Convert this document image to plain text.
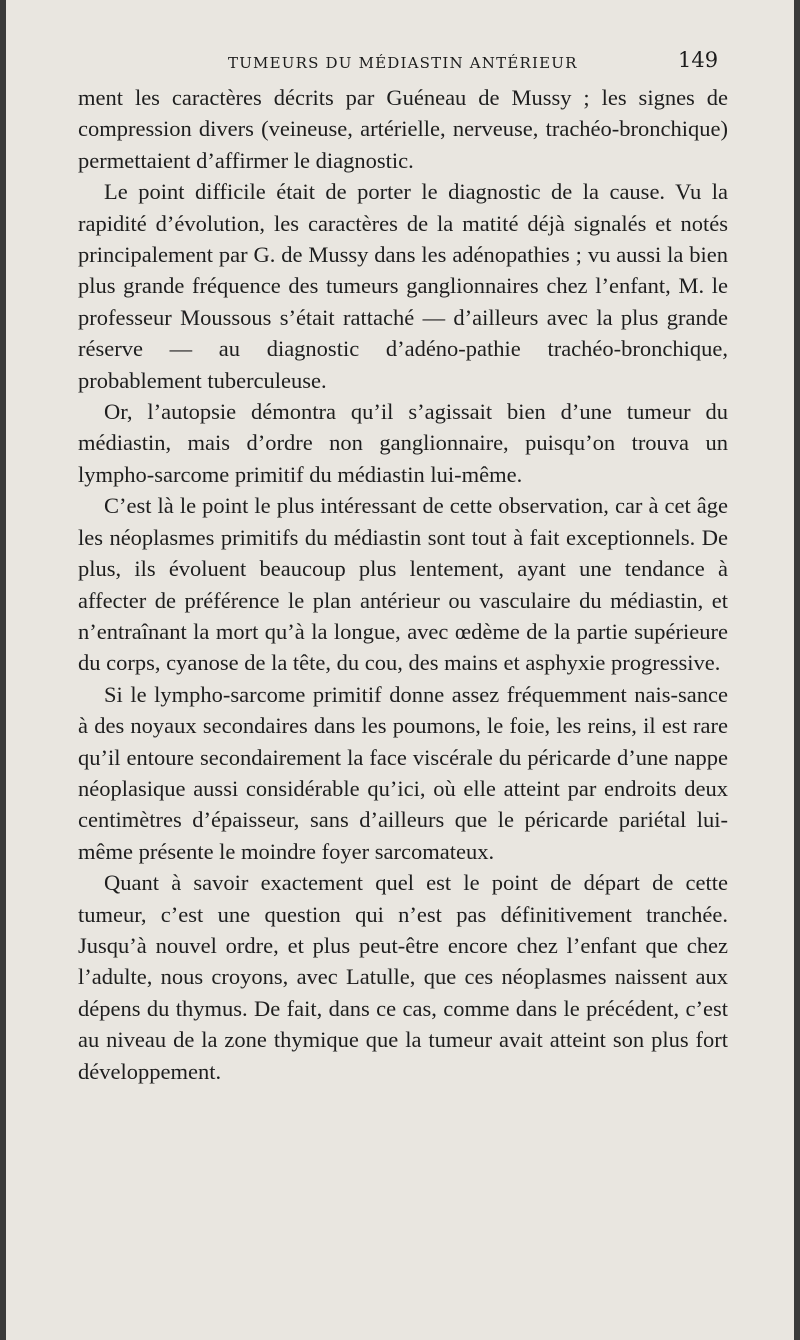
TUMEURS DU MÉDIASTIN ANTÉRIEUR	149

ment les caractères décrits par Guéneau de Mussy ; les signes de compression divers (veineuse, artérielle, nerveuse, trachéo-bronchique) permettaient d’affirmer le diagnostic.

Le point difficile était de porter le diagnostic de la cause. Vu la rapidité d’évolution, les caractères de la matité déjà signalés et notés principalement par G. de Mussy dans les adénopathies ; vu aussi la bien plus grande fréquence des tumeurs ganglionnaires chez l’enfant, M. le professeur Moussous s’était rattaché — d’ailleurs avec la plus grande réserve — au diagnostic d’adéno-pathie trachéo-bronchique, probablement tuberculeuse.

Or, l’autopsie démontra qu’il s’agissait bien d’une tumeur du médiastin, mais d’ordre non ganglionnaire, puisqu’on trouva un lympho-sarcome primitif du médiastin lui-même.

C’est là le point le plus intéressant de cette observation, car à cet âge les néoplasmes primitifs du médiastin sont tout à fait exceptionnels. De plus, ils évoluent beaucoup plus lentement, ayant une tendance à affecter de préférence le plan antérieur ou vasculaire du médiastin, et n’entraînant la mort qu’à la longue, avec œdème de la partie supérieure du corps, cyanose de la tête, du cou, des mains et asphyxie progressive.

Si le lympho-sarcome primitif donne assez fréquemment nais-sance à des noyaux secondaires dans les poumons, le foie, les reins, il est rare qu’il entoure secondairement la face viscérale du péricarde d’une nappe néoplasique aussi considérable qu’ici, où elle atteint par endroits deux centimètres d’épaisseur, sans d’ailleurs que le péricarde pariétal lui-même présente le moindre foyer sarcomateux.

Quant à savoir exactement quel est le point de départ de cette tumeur, c’est une question qui n’est pas définitivement tranchée. Jusqu’à nouvel ordre, et plus peut-être encore chez l’enfant que chez l’adulte, nous croyons, avec Latulle, que ces néoplasmes naissent aux dépens du thymus. De fait, dans ce cas, comme dans le précédent, c’est au niveau de la zone thymique que la tumeur avait atteint son plus fort développement.
